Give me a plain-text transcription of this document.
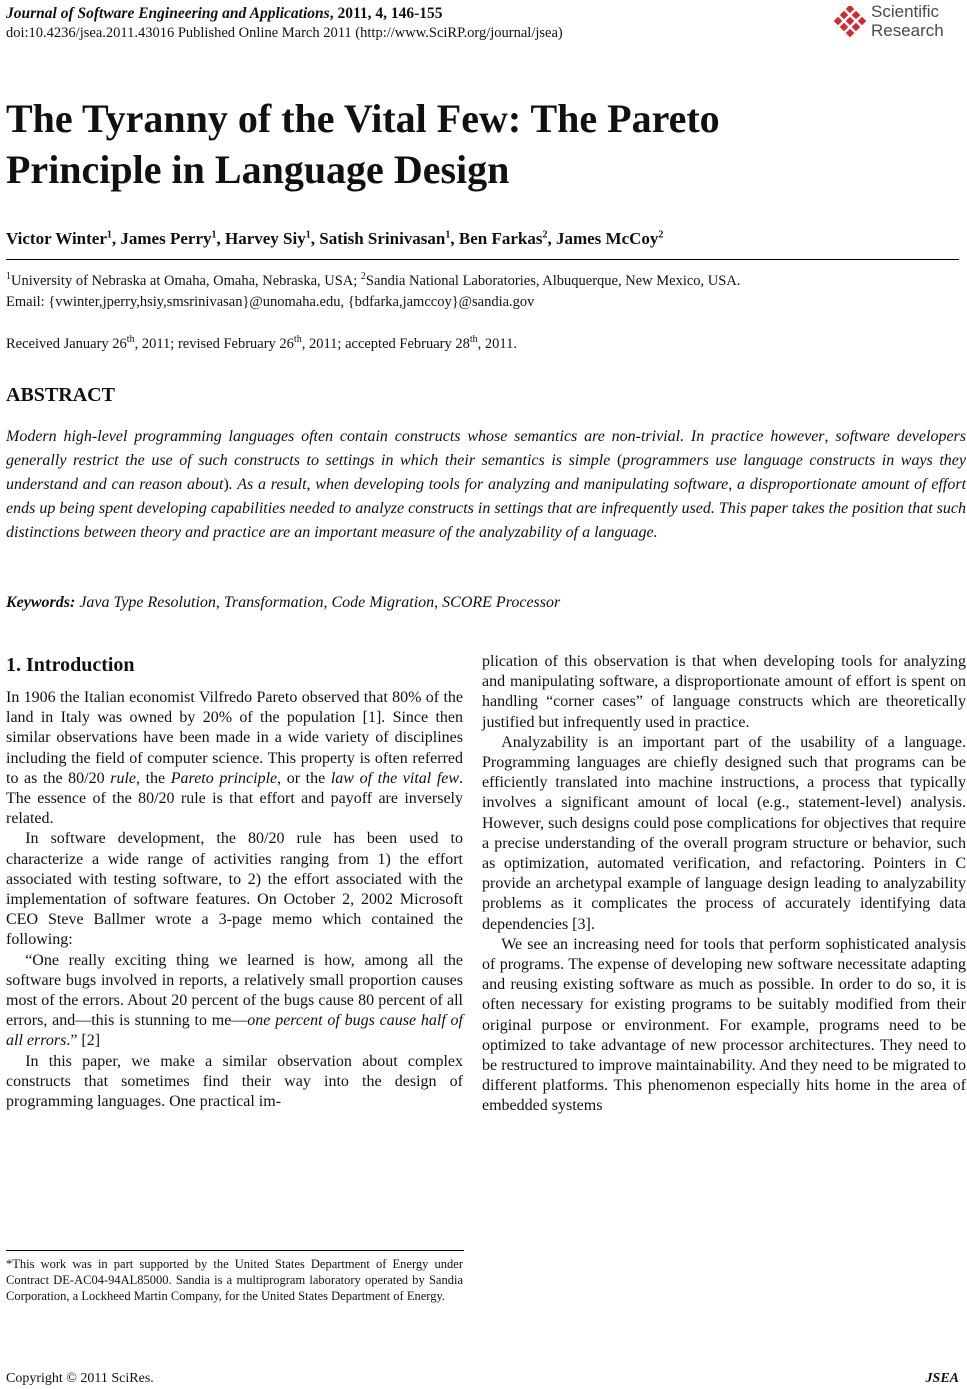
Journal of Software Engineering and Applications, 2011, 4, 146-155
doi:10.4236/jsea.2011.43016 Published Online March 2011 (http://www.SciRP.org/journal/jsea)
Scientific
Research
The Tyranny of the Vital Few: The Pareto
Principle in Language Design
Victor Winter$^1$, James Perry$^1$, Harvey Siy$^1$, Satish Srinivasan$^1$, Ben Farkas$^2$, James McCoy$^2$
$^1$University of Nebraska at Omaha, Omaha, Nebraska, USA; $^2$Sandia National Laboratories, Albuquerque, New Mexico, USA.
Email: {vwinter,jperry,hsiy,smsrinivasan}@unomaha.edu, {bdfarka,jamccoy}@sandia.gov
Received January 26th, 2011; revised February 26th, 2011; accepted February 28th, 2011.
ABSTRACT
Modern high-level programming languages often contain constructs whose semantics are non-trivial. In practice however, software developers generally restrict the use of such constructs to settings in which their semantics is simple (programmers use language constructs in ways they understand and can reason about). As a result, when developing tools for analyzing and manipulating software, a disproportionate amount of effort ends up being spent developing capabilities needed to analyze constructs in settings that are infrequently used. This paper takes the position that such distinctions between theory and practice are an important measure of the analyzability of a language.
Keywords: Java Type Resolution, Transformation, Code Migration, SCORE Processor
1. Introduction

In 1906 the Italian economist Vilfredo Pareto observed that 80% of the land in Italy was owned by 20% of the population [1]. Since then similar observations have been made in a wide variety of disciplines including the field of computer science. This property is often referred to as the 80/20 rule, the Pareto principle, or the law of the vital few. The essence of the 80/20 rule is that effort and payoff are inversely related.

In software development, the 80/20 rule has been used to characterize a wide range of activities ranging from 1) the effort associated with testing software, to 2) the effort associated with the implementation of software features. On October 2, 2002 Microsoft CEO Steve Ballmer wrote a 3-page memo which contained the following:

“One really exciting thing we learned is how, among all the software bugs involved in reports, a relatively small proportion causes most of the errors. About 20 percent of the bugs cause 80 percent of all errors, and—this is stunning to me—one percent of bugs cause half of all errors.” [2]

In this paper, we make a similar observation about complex constructs that sometimes find their way into the design of programming languages. One practical im-

*This work was in part supported by the United States Department of Energy under Contract DE-AC04-94AL85000. Sandia is a multiprogram laboratory operated by Sandia Corporation, a Lockheed Martin Company, for the United States Department of Energy.

plication of this observation is that when developing tools for analyzing and manipulating software, a disproportionate amount of effort is spent on handling “corner cases” of language constructs which are theoretically justified but infrequently used in practice.

Analyzability is an important part of the usability of a language. Programming languages are chiefly designed such that programs can be efficiently translated into machine instructions, a process that typically involves a significant amount of local (e.g., statement-level) analysis. However, such designs could pose complications for objectives that require a precise understanding of the overall program structure or behavior, such as optimization, automated verification, and refactoring. Pointers in C provide an archetypal example of language design leading to analyzability problems as it complicates the process of accurately identifying data dependencies [3].

We see an increasing need for tools that perform sophisticated analysis of programs. The expense of developing new software necessitate adapting and reusing existing software as much as possible. In order to do so, it is often necessary for existing programs to be suitably modified from their original purpose or environment. For example, programs need to be optimized to take advantage of new processor architectures. They need to be restructured to improve maintainability. And they need to be migrated to different platforms. This phenomenon especially hits home in the area of embedded systems

Copyright © 2011 SciRes.	JSEA
